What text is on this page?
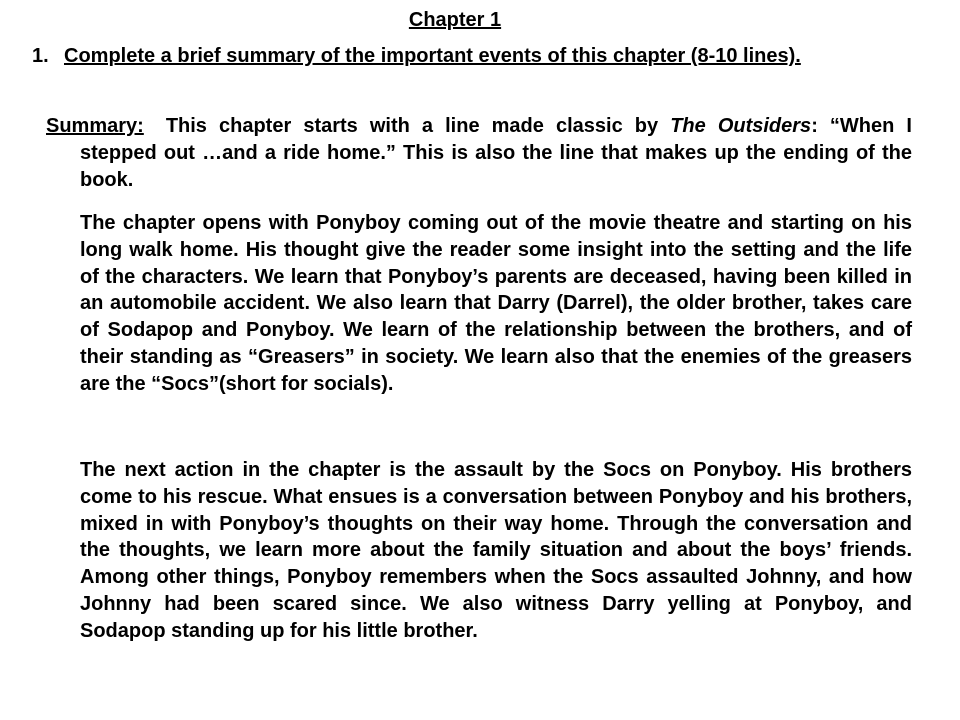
Chapter 1
1. Complete a brief summary of the important events of this chapter (8-10 lines).
Summary: This chapter starts with a line made classic by The Outsiders: “When I stepped out …and a ride home.” This is also the line that makes up the ending of the book.
The chapter opens with Ponyboy coming out of the movie theatre and starting on his long walk home. His thought give the reader some insight into the setting and the life of the characters. We learn that Ponyboy’s parents are deceased, having been killed in an automobile accident. We also learn that Darry (Darrel), the older brother, takes care of Sodapop and Ponyboy. We learn of the relationship between the brothers, and of their standing as “Greasers” in society. We learn also that the enemies of the greasers are the “Socs”(short for socials).
The next action in the chapter is the assault by the Socs on Ponyboy. His brothers come to his rescue. What ensues is a conversation between Ponyboy and his brothers, mixed in with Ponyboy’s thoughts on their way home. Through the conversation and the thoughts, we learn more about the family situation and about the boys’ friends. Among other things, Ponyboy remembers when the Socs assaulted Johnny, and how Johnny had been scared since. We also witness Darry yelling at Ponyboy, and Sodapop standing up for his little brother.
